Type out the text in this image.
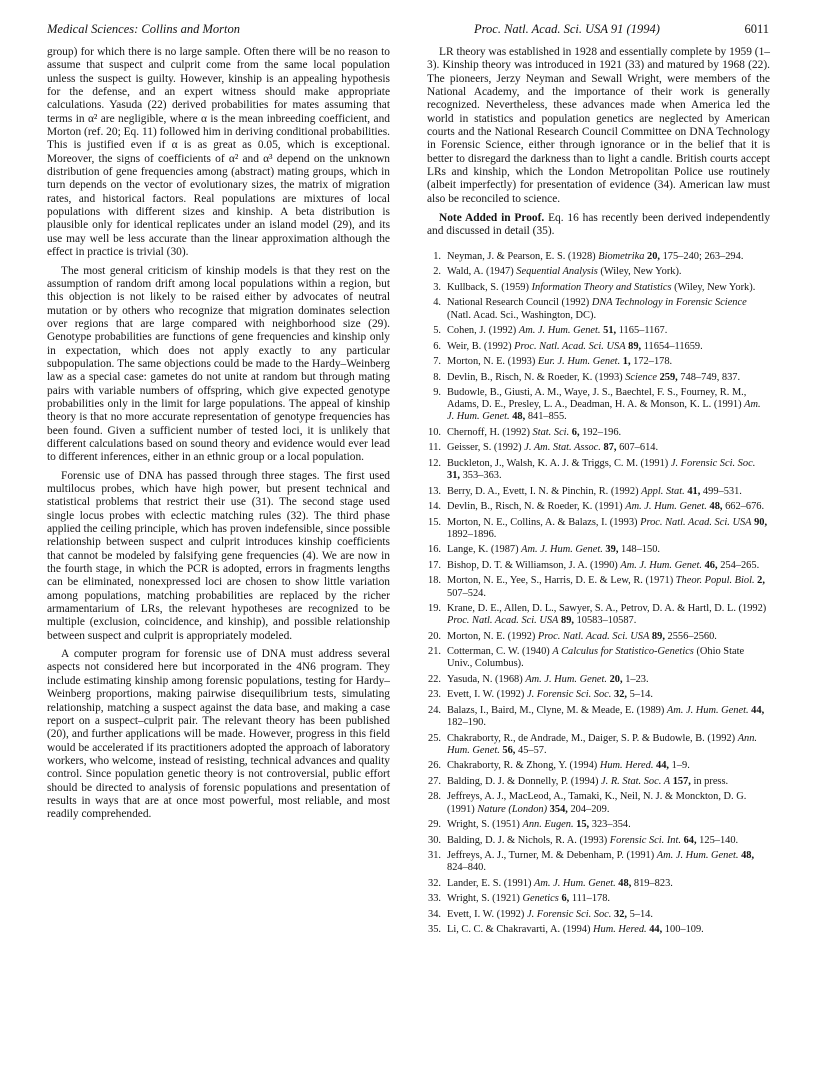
Medical Sciences: Collins and Morton	Proc. Natl. Acad. Sci. USA 91 (1994)	6011

group) for which there is no large sample. Often there will be no reason to assume that suspect and culprit come from the same local population unless the suspect is guilty. However, kinship is an appealing hypothesis for the defense, and an expert witness should make appropriate calculations. Yasuda (22) derived probabilities for mates assuming that terms in α² are negligible, where α is the mean inbreeding coefficient, and Morton (ref. 20; Eq. 11) followed him in deriving conditional probabilities. This is justified even if α is as great as 0.05, which is exceptional. Moreover, the signs of coefficients of α² and α³ depend on the unknown distribution of gene frequencies among (abstract) mating groups, which in turn depends on the vector of evolutionary sizes, the matrix of migration rates, and historical factors. Real populations are mixtures of local populations with different sizes and kinship. A beta distribution is plausible only for identical replicates under an island model (29), and its use may well be less accurate than the linear approximation although the effect in practice is trivial (30).

The most general criticism of kinship models is that they rest on the assumption of random drift among local populations within a region, but this objection is not likely to be raised either by advocates of neutral mutation or by others who recognize that migration dominates selection over regions that are large compared with neighborhood size (29). Genotype probabilities are functions of gene frequencies and kinship only in expectation, which does not apply exactly to any particular subpopulation. The same objections could be made to the Hardy–Weinberg law as a special case: gametes do not unite at random but through mating pairs with variable numbers of offspring, which give expected genotype probabilities only in the limit for large populations. The appeal of kinship theory is that no more accurate representation of genotype frequencies has been found. Given a sufficient number of tested loci, it is unlikely that different calculations based on sound theory and evidence would ever lead to different inferences, either in an ethnic group or a local population.

Forensic use of DNA has passed through three stages. The first used multilocus probes, which have high power, but present technical and statistical problems that restrict their use (31). The second stage used single locus probes with eclectic matching rules (32). The third phase applied the ceiling principle, which has proven indefensible, since possible relationship between suspect and culprit introduces kinship coefficients that cannot be modeled by falsifying gene frequencies (4). We are now in the fourth stage, in which the PCR is adopted, errors in fragments lengths can be eliminated, nonexpressed loci are chosen to show little variation among populations, matching probabilities are replaced by the richer armamentarium of LRs, the relevant hypotheses are recognized to be multiple (exclusion, coincidence, and kinship), and possible relationship between suspect and culprit is appropriately modeled.

A computer program for forensic use of DNA must address several aspects not considered here but incorporated in the 4N6 program. They include estimating kinship among forensic populations, testing for Hardy–Weinberg proportions, making pairwise disequilibrium tests, simulating relationship, matching a suspect against the data base, and making a case report on a suspect–culprit pair. The relevant theory has been published (20), and further applications will be made. However, progress in this field would be accelerated if its practitioners adopted the approach of laboratory workers, who welcome, instead of resisting, technical advances and quality control. Since population genetic theory is not controversial, public effort should be directed to analysis of forensic populations and presentation of results in ways that are at once most powerful, most reliable, and most readily comprehended.

LR theory was established in 1928 and essentially complete by 1959 (1–3). Kinship theory was introduced in 1921 (33) and matured by 1968 (22). The pioneers, Jerzy Neyman and Sewall Wright, were members of the National Academy, and the importance of their work is generally recognized. Nevertheless, these advances made when America led the world in statistics and population genetics are neglected by American courts and the National Research Council Committee on DNA Technology in Forensic Science, either through ignorance or in the belief that it is better to disregard the darkness than to light a candle. British courts accept LRs and kinship, which the London Metropolitan Police use routinely (albeit imperfectly) for presentation of evidence (34). American law must also be reconciled to science.

Note Added in Proof. Eq. 16 has recently been derived independently and discussed in detail (35).

1. Neyman, J. & Pearson, E. S. (1928) Biometrika 20, 175–240; 263–294.
2. Wald, A. (1947) Sequential Analysis (Wiley, New York).
3. Kullback, S. (1959) Information Theory and Statistics (Wiley, New York).
4. National Research Council (1992) DNA Technology in Forensic Science (Natl. Acad. Sci., Washington, DC).
5. Cohen, J. (1992) Am. J. Hum. Genet. 51, 1165–1167.
6. Weir, B. (1992) Proc. Natl. Acad. Sci. USA 89, 11654–11659.
7. Morton, N. E. (1993) Eur. J. Hum. Genet. 1, 172–178.
8. Devlin, B., Risch, N. & Roeder, K. (1993) Science 259, 748–749, 837.
9. Budowle, B., Giusti, A. M., Waye, J. S., Baechtel, F. S., Fourney, R. M., Adams, D. E., Presley, L. A., Deadman, H. A. & Monson, K. L. (1991) Am. J. Hum. Genet. 48, 841–855.
10. Chernoff, H. (1992) Stat. Sci. 6, 192–196.
11. Geisser, S. (1992) J. Am. Stat. Assoc. 87, 607–614.
12. Buckleton, J., Walsh, K. A. J. & Triggs, C. M. (1991) J. Forensic Sci. Soc. 31, 353–363.
13. Berry, D. A., Evett, I. N. & Pinchin, R. (1992) Appl. Stat. 41, 499–531.
14. Devlin, B., Risch, N. & Roeder, K. (1991) Am. J. Hum. Genet. 48, 662–676.
15. Morton, N. E., Collins, A. & Balazs, I. (1993) Proc. Natl. Acad. Sci. USA 90, 1892–1896.
16. Lange, K. (1987) Am. J. Hum. Genet. 39, 148–150.
17. Bishop, D. T. & Williamson, J. A. (1990) Am. J. Hum. Genet. 46, 254–265.
18. Morton, N. E., Yee, S., Harris, D. E. & Lew, R. (1971) Theor. Popul. Biol. 2, 507–524.
19. Krane, D. E., Allen, D. L., Sawyer, S. A., Petrov, D. A. & Hartl, D. L. (1992) Proc. Natl. Acad. Sci. USA 89, 10583–10587.
20. Morton, N. E. (1992) Proc. Natl. Acad. Sci. USA 89, 2556–2560.
21. Cotterman, C. W. (1940) A Calculus for Statistico-Genetics (Ohio State Univ., Columbus).
22. Yasuda, N. (1968) Am. J. Hum. Genet. 20, 1–23.
23. Evett, I. W. (1992) J. Forensic Sci. Soc. 32, 5–14.
24. Balazs, I., Baird, M., Clyne, M. & Meade, E. (1989) Am. J. Hum. Genet. 44, 182–190.
25. Chakraborty, R., de Andrade, M., Daiger, S. P. & Budowle, B. (1992) Ann. Hum. Genet. 56, 45–57.
26. Chakraborty, R. & Zhong, Y. (1994) Hum. Hered. 44, 1–9.
27. Balding, D. J. & Donnelly, P. (1994) J. R. Stat. Soc. A 157, in press.
28. Jeffreys, A. J., MacLeod, A., Tamaki, K., Neil, N. J. & Monckton, D. G. (1991) Nature (London) 354, 204–209.
29. Wright, S. (1951) Ann. Eugen. 15, 323–354.
30. Balding, D. J. & Nichols, R. A. (1993) Forensic Sci. Int. 64, 125–140.
31. Jeffreys, A. J., Turner, M. & Debenham, P. (1991) Am. J. Hum. Genet. 48, 824–840.
32. Lander, E. S. (1991) Am. J. Hum. Genet. 48, 819–823.
33. Wright, S. (1921) Genetics 6, 111–178.
34. Evett, I. W. (1992) J. Forensic Sci. Soc. 32, 5–14.
35. Li, C. C. & Chakravarti, A. (1994) Hum. Hered. 44, 100–109.
